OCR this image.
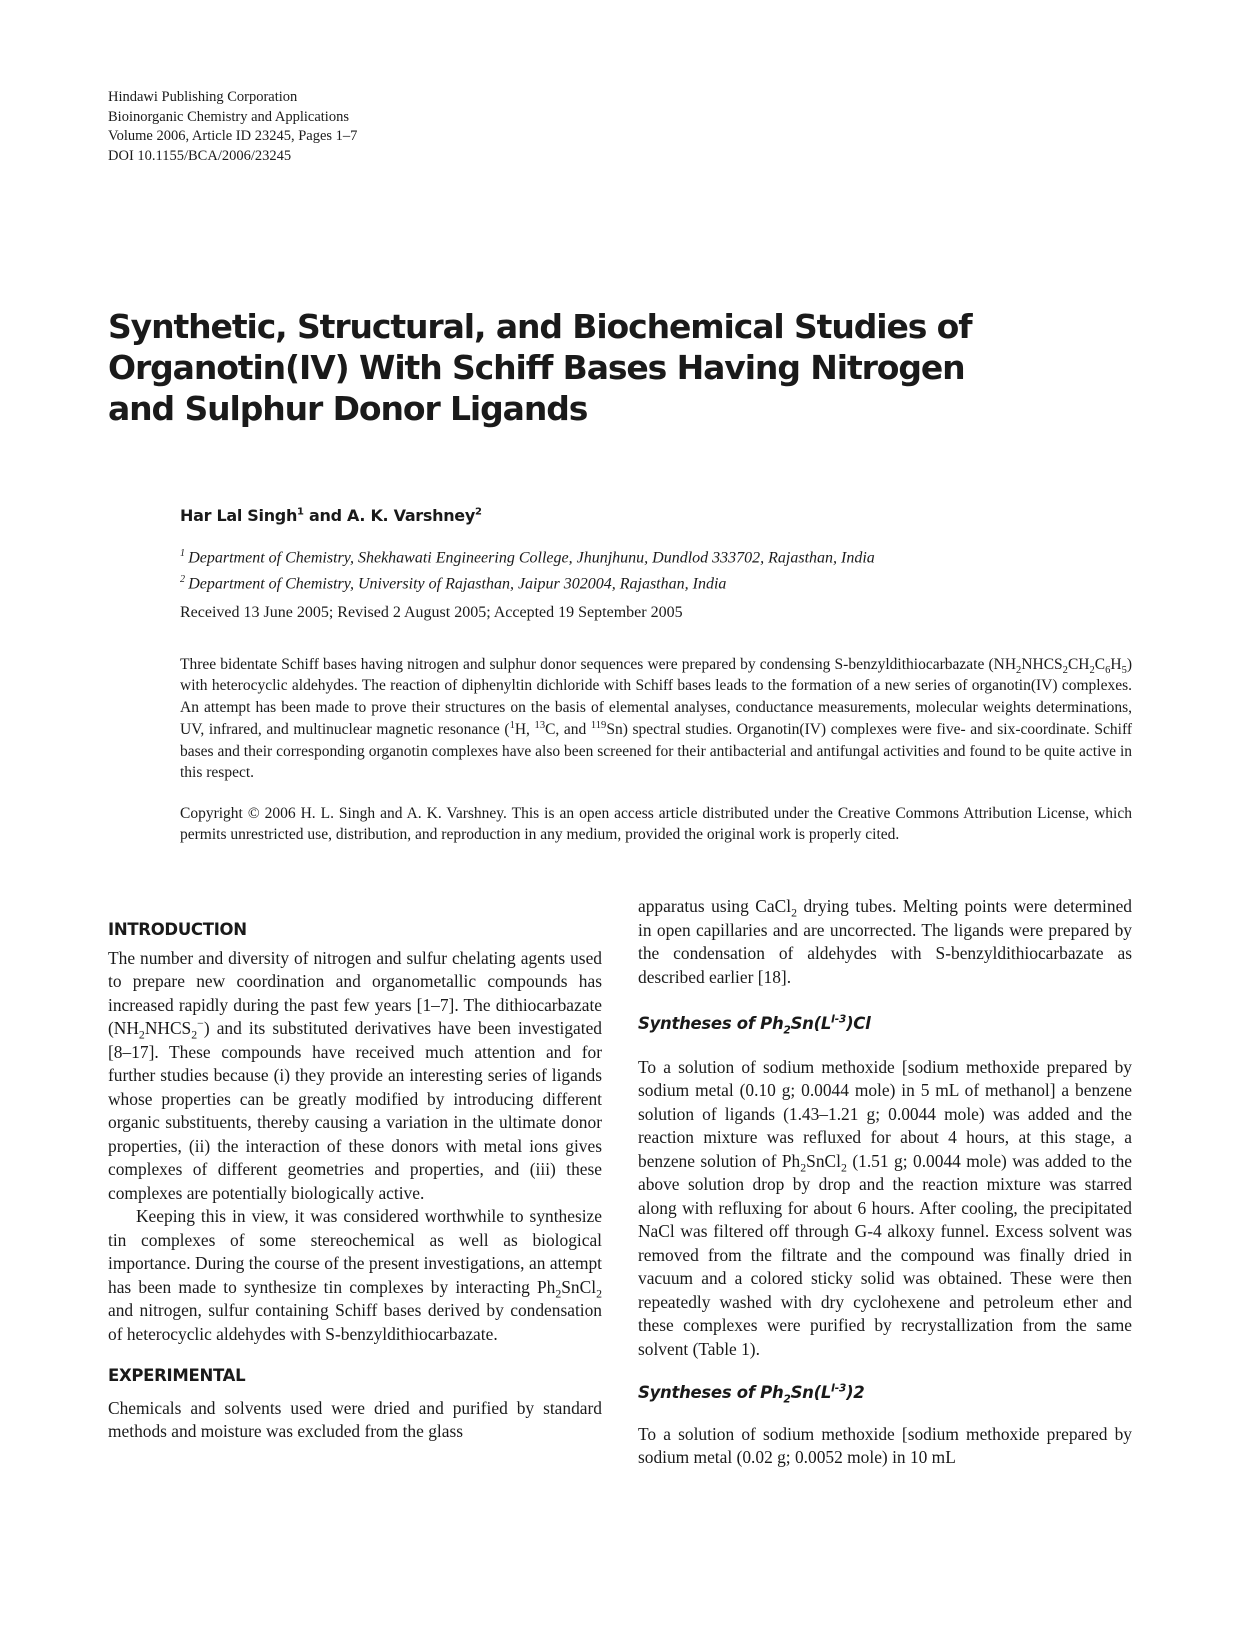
Hindawi Publishing Corporation
Bioinorganic Chemistry and Applications
Volume 2006, Article ID 23245, Pages 1–7
DOI 10.1155/BCA/2006/23245
Synthetic, Structural, and Biochemical Studies of
Organotin(IV) With Schiff Bases Having Nitrogen
and Sulphur Donor Ligands
Har Lal Singh$^1$ and A. K. Varshney$^2$
$^1$  Department of Chemistry, Shekhawati Engineering College, Jhunjhunu, Dundlod 333702, Rajasthan, India
$^2$  Department of Chemistry, University of Rajasthan, Jaipur 302004, Rajasthan, India
Received 13 June 2005; Revised 2 August 2005; Accepted 19 September 2005

Three bidentate Schiff bases having nitrogen and sulphur donor sequences were prepared by condensing S-benzyldithiocarbazate $(NH_2NHCS_2CH_2C_6H_5)$ with heterocyclic aldehydes. The reaction of diphenyltin dichloride with Schiff bases leads to the formation of a new series of organotin(IV) complexes. An attempt has been made to prove their structures on the basis of elemental analyses, conductance measurements, molecular weights determinations, UV, infrared, and multinuclear magnetic resonance ($^1$H, $^{13}$C, and $^{119}$Sn) spectral studies. Organotin(IV) complexes were five- and six-coordinate. Schiff bases and their corresponding organotin complexes have also been screened for their antibacterial and antifungal activities and found to be quite active in this respect.

Copyright © 2006 H. L. Singh and A. K. Varshney. This is an open access article distributed under the Creative Commons Attribution License, which permits unrestricted use, distribution, and reproduction in any medium, provided the original work is properly cited.

INTRODUCTION

The number and diversity of nitrogen and sulfur chelating agents used to prepare new coordination and organometallic compounds has increased rapidly during the past few years [1–7]. The dithiocarbazate $(NH_2NHCS_2^-)$ and its substituted derivatives have been investigated [8–17]. These compounds have received much attention and for further studies because (i) they provide an interesting series of ligands whose properties can be greatly modified by introducing different organic substituents, thereby causing a variation in the ultimate donor properties, (ii) the interaction of these donors with metal ions gives complexes of different geometries and properties, and (iii) these complexes are potentially biologically active.

Keeping this in view, it was considered worthwhile to synthesize tin complexes of some stereochemical as well as biological importance. During the course of the present investigations, an attempt has been made to synthesize tin complexes by interacting $Ph_2SnCl_2$ and nitrogen, sulfur containing Schiff bases derived by condensation of heterocyclic aldehydes with S-benzyldithiocarbazate.

EXPERIMENTAL

Chemicals and solvents used were dried and purified by standard methods and moisture was excluded from the glass

apparatus using CaCl$_2$ drying tubes. Melting points were determined in open capillaries and are uncorrected. The ligands were prepared by the condensation of aldehydes with S-benzyldithiocarbazate as described earlier [18].

Syntheses of $Ph_2Sn(L^{I-3})Cl$

To a solution of sodium methoxide [sodium methoxide prepared by sodium metal (0.10 g; 0.0044 mole) in 5 mL of methanol] a benzene solution of ligands (1.43–1.21 g; 0.0044 mole) was added and the reaction mixture was refluxed for about 4 hours, at this stage, a benzene solution of $Ph_2SnCl_2$ (1.51 g; 0.0044 mole) was added to the above solution drop by drop and the reaction mixture was starred along with refluxing for about 6 hours. After cooling, the precipitated NaCl was filtered off through G-4 alkoxy funnel. Excess solvent was removed from the filtrate and the compound was finally dried in vacuum and a colored sticky solid was obtained. These were then repeatedly washed with dry cyclohexene and petroleum ether and these complexes were purified by recrystallization from the same solvent (Table 1).

Syntheses of $Ph_2Sn(L^{I-3})2$

To a solution of sodium methoxide [sodium methoxide prepared by sodium metal (0.02 g; 0.0052 mole) in 10 mL
